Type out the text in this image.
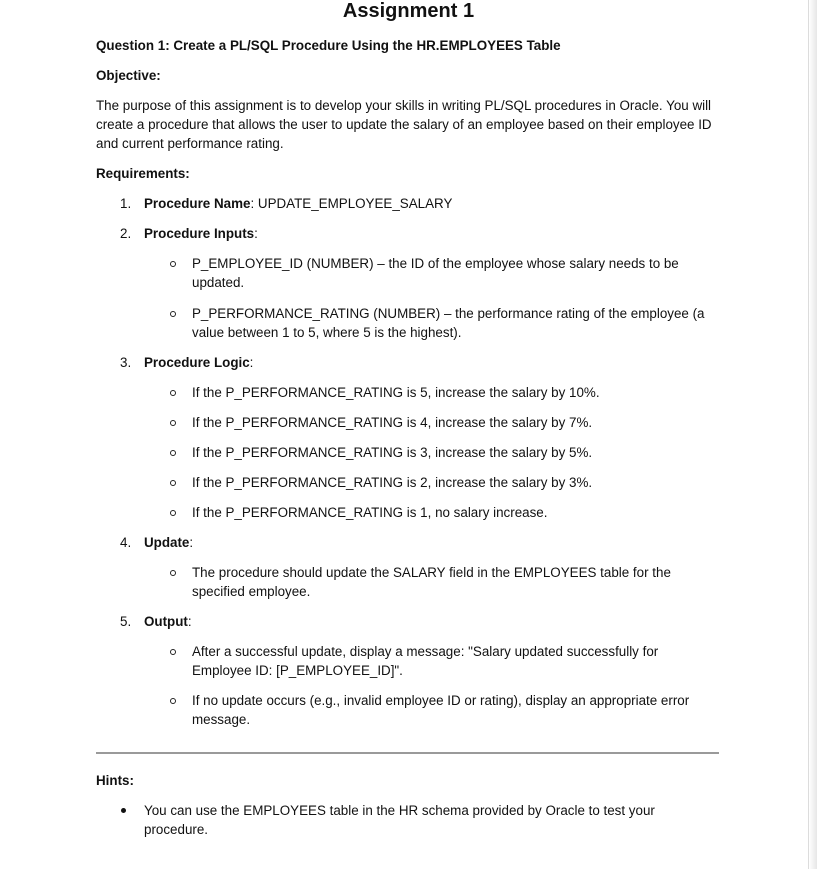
Assignment 1
Question 1: Create a PL/SQL Procedure Using the HR.EMPLOYEES Table
Objective:
The purpose of this assignment is to develop your skills in writing PL/SQL procedures in Oracle. You will create a procedure that allows the user to update the salary of an employee based on their employee ID and current performance rating.
Requirements:
1. Procedure Name: UPDATE_EMPLOYEE_SALARY
2. Procedure Inputs:
P_EMPLOYEE_ID (NUMBER) – the ID of the employee whose salary needs to be updated.
P_PERFORMANCE_RATING (NUMBER) – the performance rating of the employee (a value between 1 to 5, where 5 is the highest).
3. Procedure Logic:
If the P_PERFORMANCE_RATING is 5, increase the salary by 10%.
If the P_PERFORMANCE_RATING is 4, increase the salary by 7%.
If the P_PERFORMANCE_RATING is 3, increase the salary by 5%.
If the P_PERFORMANCE_RATING is 2, increase the salary by 3%.
If the P_PERFORMANCE_RATING is 1, no salary increase.
4. Update:
The procedure should update the SALARY field in the EMPLOYEES table for the specified employee.
5. Output:
After a successful update, display a message: "Salary updated successfully for Employee ID: [P_EMPLOYEE_ID]".
If no update occurs (e.g., invalid employee ID or rating), display an appropriate error message.
Hints:
You can use the EMPLOYEES table in the HR schema provided by Oracle to test your procedure.
